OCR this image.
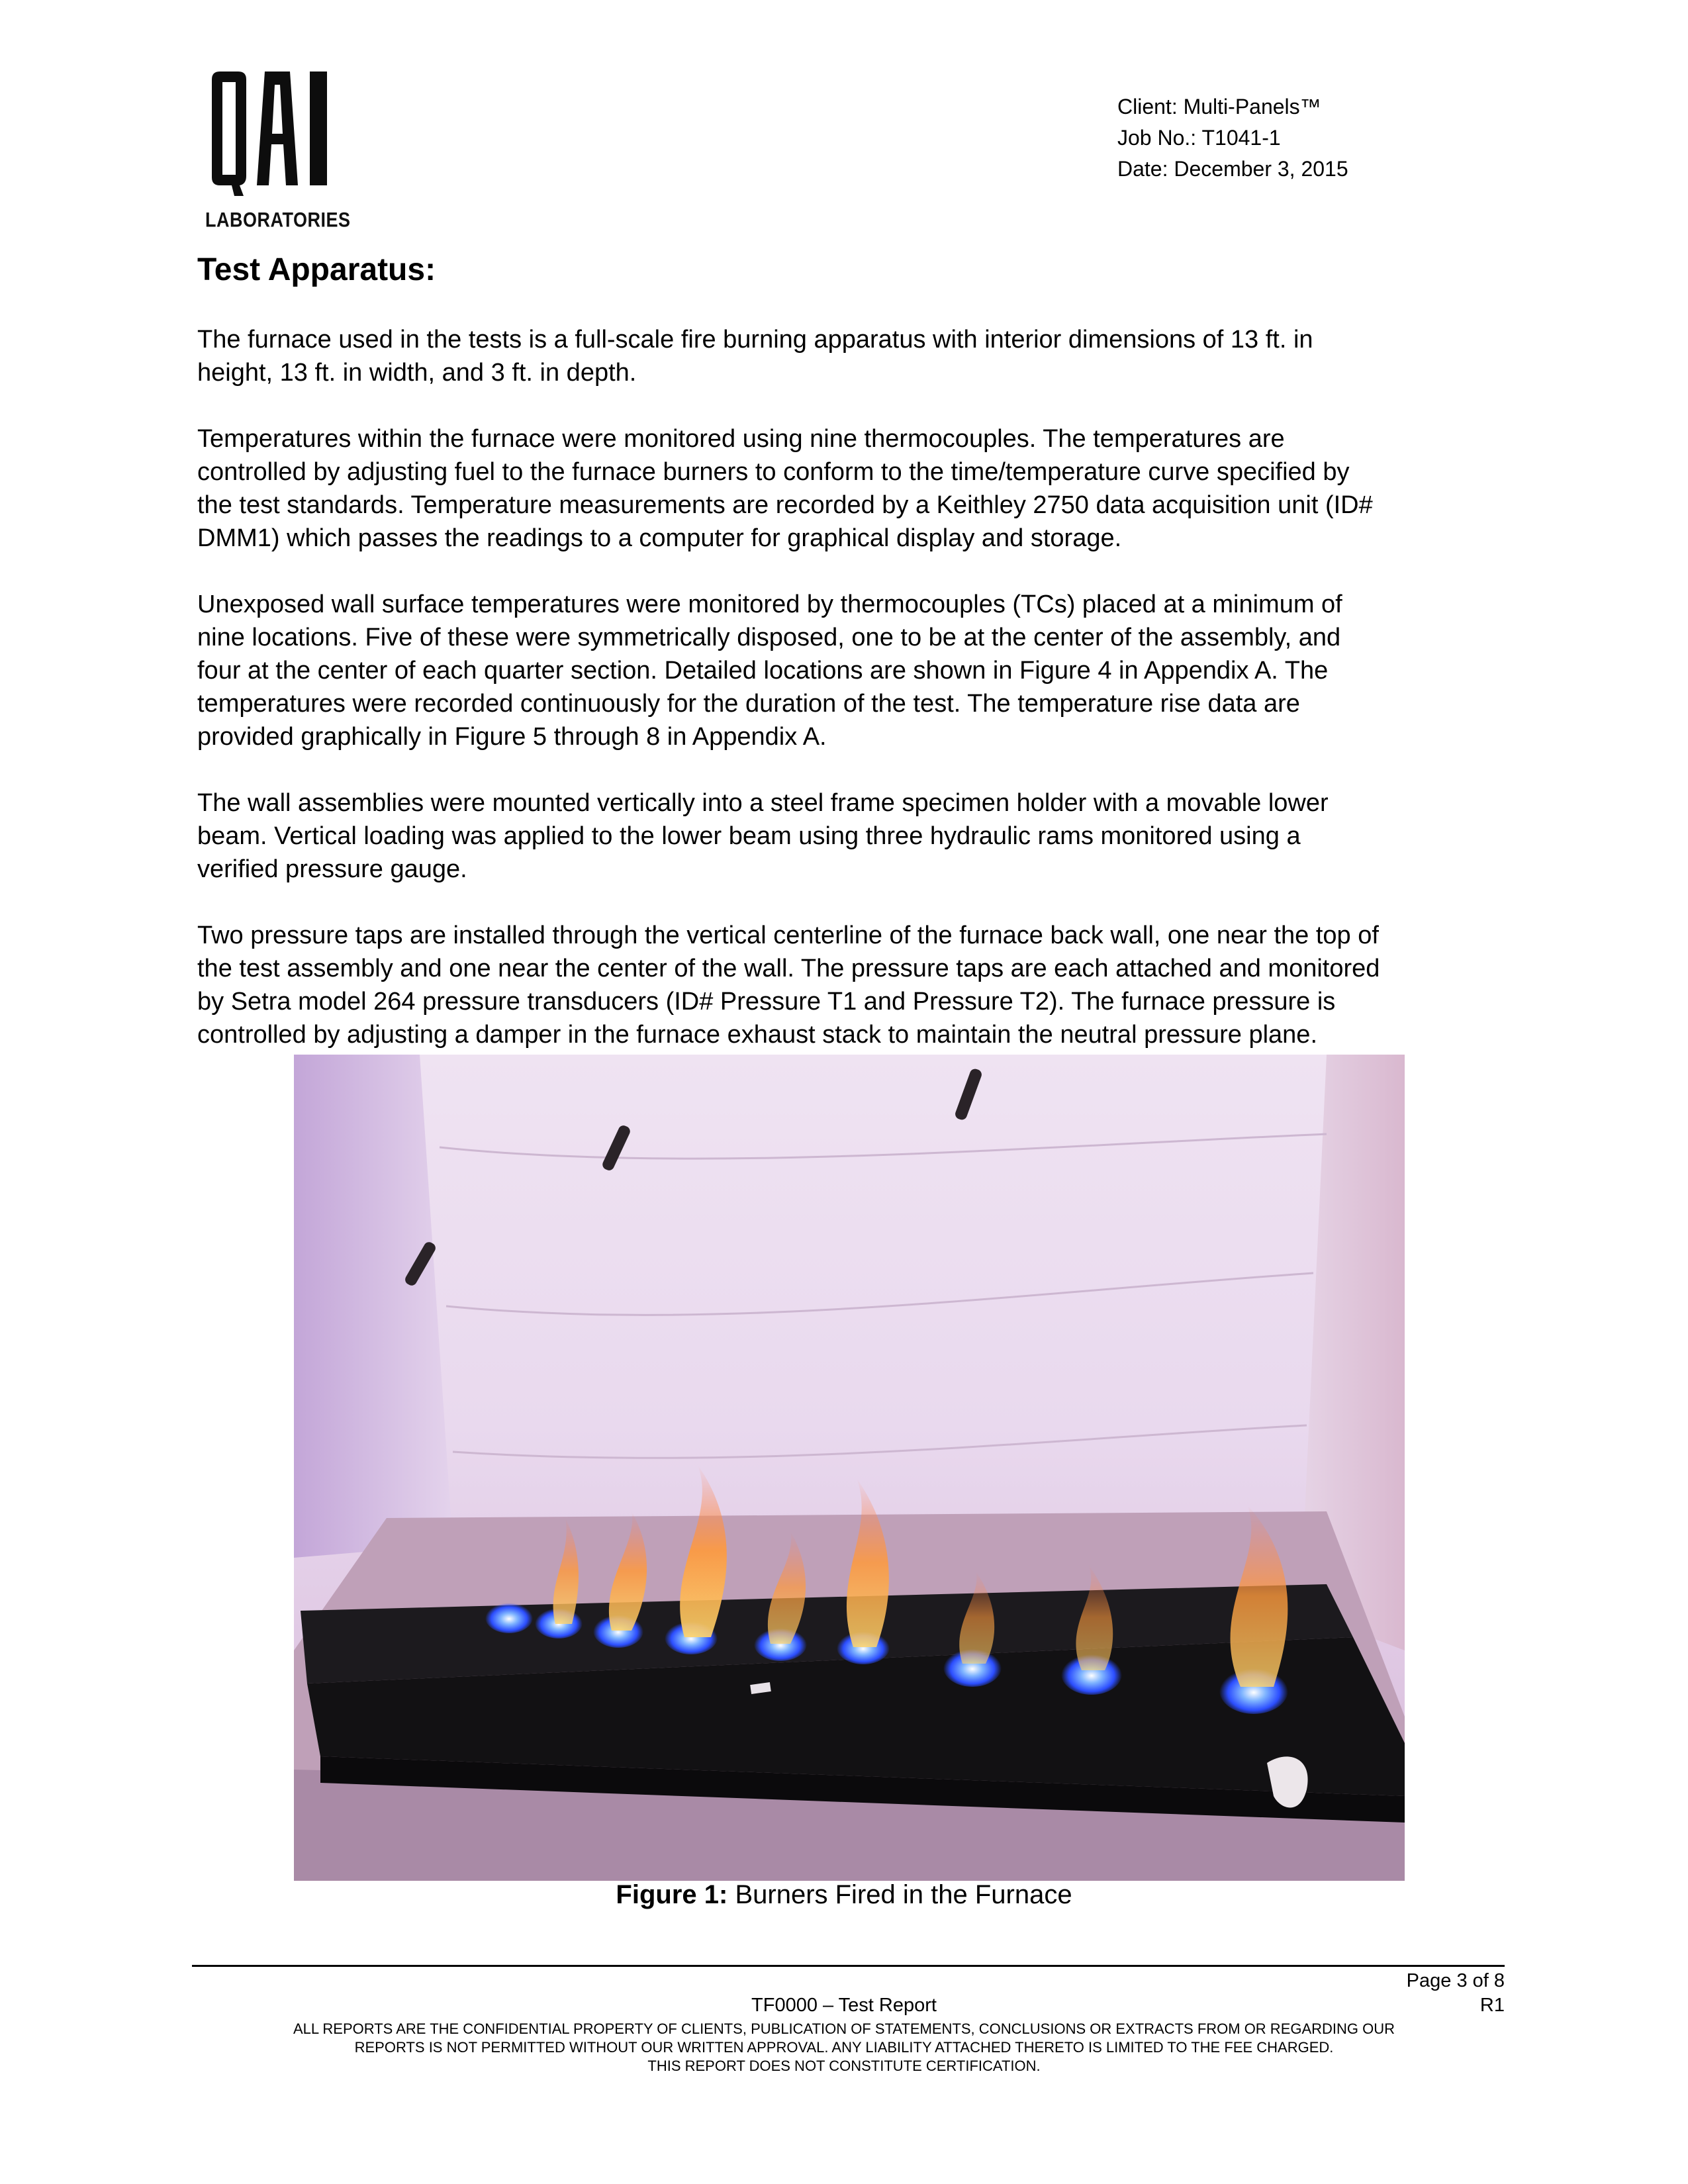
LABORATORIES
Client: Multi-Panels™
Job No.: T1041-1
Date: December 3, 2015
Test Apparatus:

The furnace used in the tests is a full-scale fire burning apparatus with interior dimensions of 13 ft. in
height, 13 ft. in width, and 3 ft. in depth.

Temperatures within the furnace were monitored using nine thermocouples. The temperatures are
controlled by adjusting fuel to the furnace burners to conform to the time/temperature curve specified by
the test standards. Temperature measurements are recorded by a Keithley 2750 data acquisition unit (ID#
DMM1) which passes the readings to a computer for graphical display and storage.

Unexposed wall surface temperatures were monitored by thermocouples (TCs) placed at a minimum of
nine locations. Five of these were symmetrically disposed, one to be at the center of the assembly, and
four at the center of each quarter section. Detailed locations are shown in Figure 4 in Appendix A. The
temperatures were recorded continuously for the duration of the test. The temperature rise data are
provided graphically in Figure 5 through 8 in Appendix A.

The wall assemblies were mounted vertically into a steel frame specimen holder with a movable lower
beam. Vertical loading was applied to the lower beam using three hydraulic rams monitored using a
verified pressure gauge.

Two pressure taps are installed through the vertical centerline of the furnace back wall, one near the top of
the test assembly and one near the center of the wall. The pressure taps are each attached and monitored
by Setra model 264 pressure transducers (ID# Pressure T1 and Pressure T2). The furnace pressure is
controlled by adjusting a damper in the furnace exhaust stack to maintain the neutral pressure plane.

Figure 1: Burners Fired in the Furnace
Page 3 of 8
TF0000 – Test Report	R1
ALL REPORTS ARE THE CONFIDENTIAL PROPERTY OF CLIENTS, PUBLICATION OF STATEMENTS, CONCLUSIONS OR EXTRACTS FROM OR REGARDING OUR
REPORTS IS NOT PERMITTED WITHOUT OUR WRITTEN APPROVAL. ANY LIABILITY ATTACHED THERETO IS LIMITED TO THE FEE CHARGED.
THIS REPORT DOES NOT CONSTITUTE CERTIFICATION.
